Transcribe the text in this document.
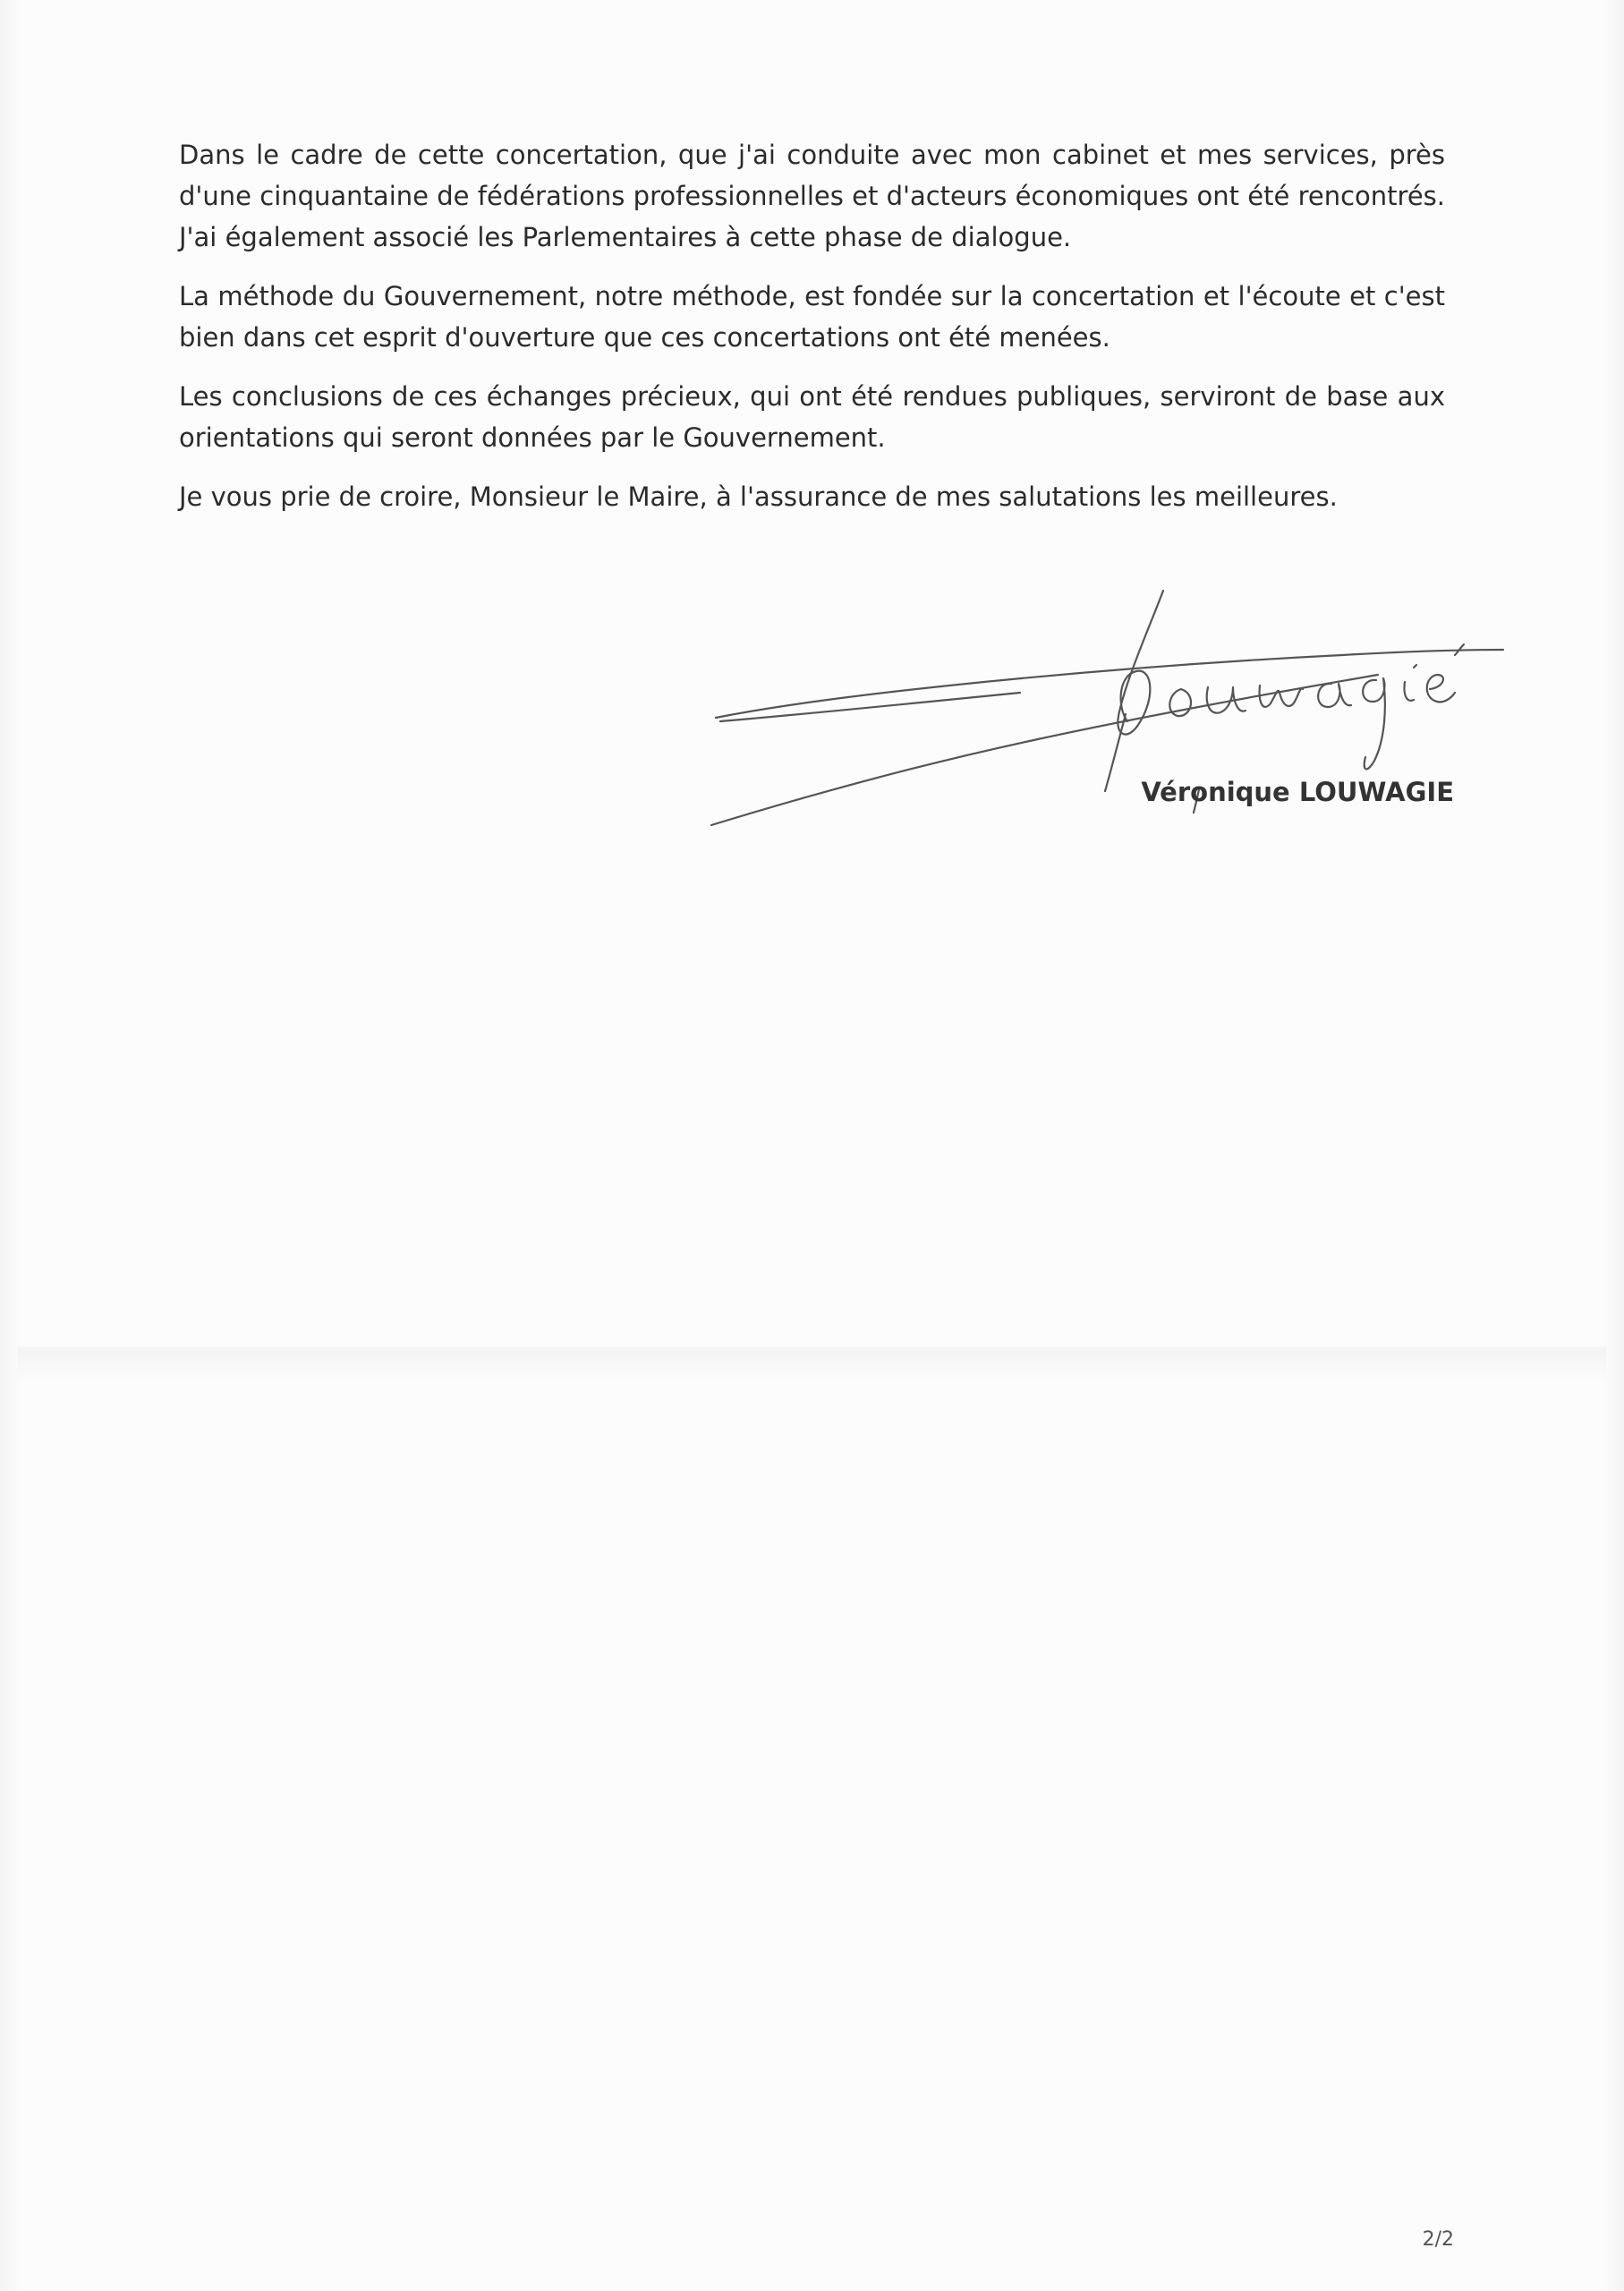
Dans le cadre de cette concertation, que j'ai conduite avec mon cabinet et mes services, près d'une cinquantaine de fédérations professionnelles et d'acteurs économiques ont été rencontrés. J'ai également associé les Parlementaires à cette phase de dialogue.

La méthode du Gouvernement, notre méthode, est fondée sur la concertation et l'écoute et c'est bien dans cet esprit d'ouverture que ces concertations ont été menées.

Les conclusions de ces échanges précieux, qui ont été rendues publiques, serviront de base aux orientations qui seront données par le Gouvernement.

Je vous prie de croire, Monsieur le Maire, à l'assurance de mes salutations les meilleures.

Véronique LOUWAGIE
2/2
